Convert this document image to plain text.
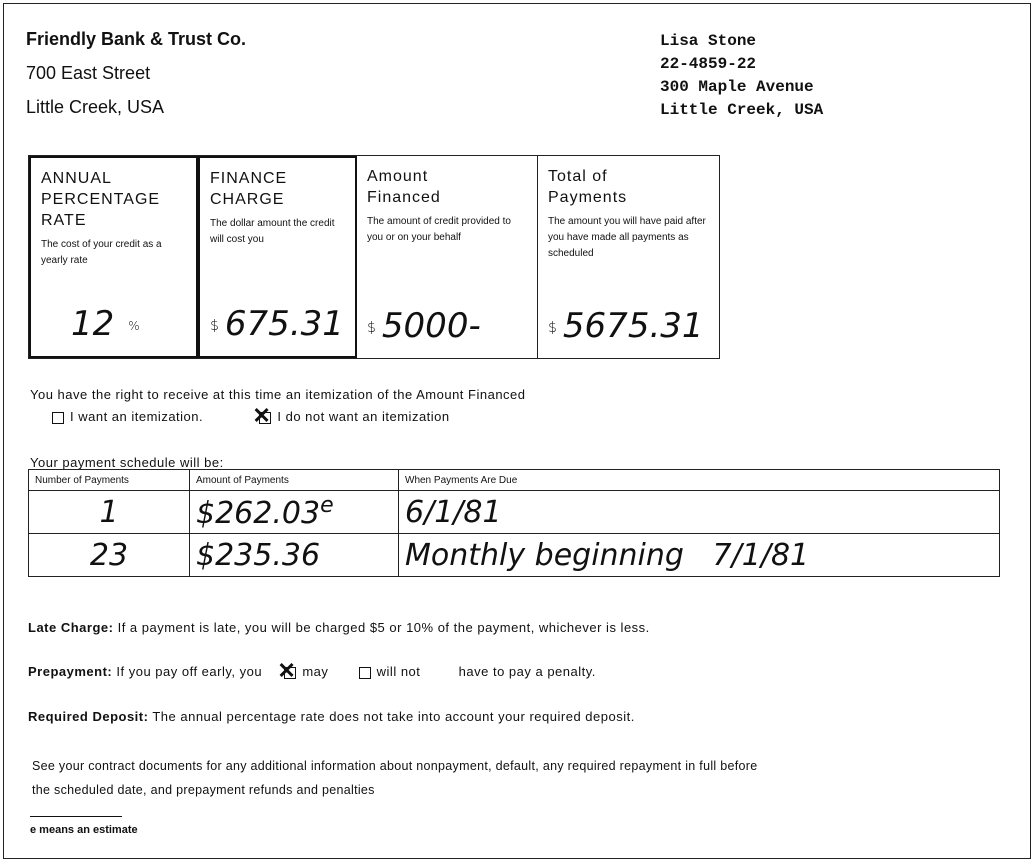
Friendly Bank & Trust Co.
700 East Street
Little Creek, USA
Lisa Stone
22-4859-22
300 Maple Avenue
Little Creek, USA
ANNUAL
PERCENTAGE
RATE
The cost of your credit as a yearly rate
12 %
FINANCE
CHARGE
The dollar amount the credit will cost you
$ 675.31
Amount
Financed
The amount of credit provided to you or on your behalf
$ 5000-
Total of
Payments
The amount you will have paid after you have made all payments as scheduled
$ 5675.31
You have the right to receive at this time an itemization of the Amount Financed
I want an itemization. ✕	I do not want an itemization
Your payment schedule will be:
Number of Payments	Amount of Payments	When Payments Are Due
1	$262.03e	6/1/81
23	$235.36	Monthly beginning   7/1/81
Late Charge: If a payment is late, you will be charged $5 or 10% of the payment, whichever is less.
Prepayment: If you pay off early, you ✕	may	will not	have to pay a penalty.
Required Deposit: The annual percentage rate does not take into account your required deposit.
See your contract documents for any additional information about nonpayment, default, any required repayment in full before
the scheduled date, and prepayment refunds and penalties
e means an estimate
